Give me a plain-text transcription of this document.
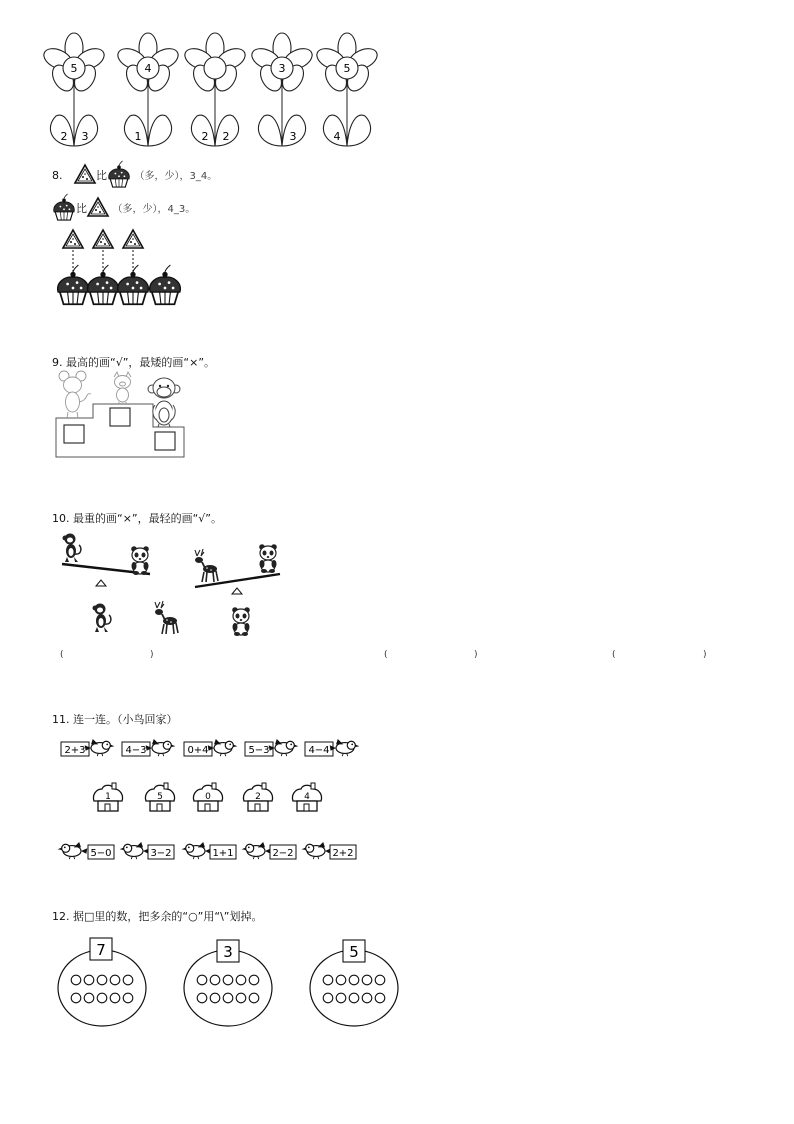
5
2 3
4
1	2 2
3
3
5
4
8.	比	（多，少），3_4。
比	（多，少），4_3。
9. 最高的画“√”，最矮的画“×”。
10. 最重的画“×”，最轻的画“√”。
(	)	(	)	(	)
11. 连一连。（小鸟回家）
2+3	4−3	0+4	5−3	4−4
1	5	0	2	4
5−0	3−2	1+1	2−2	2+2
12. 据□里的数，把多余的“○”用“\”划掉。
7	3	5
